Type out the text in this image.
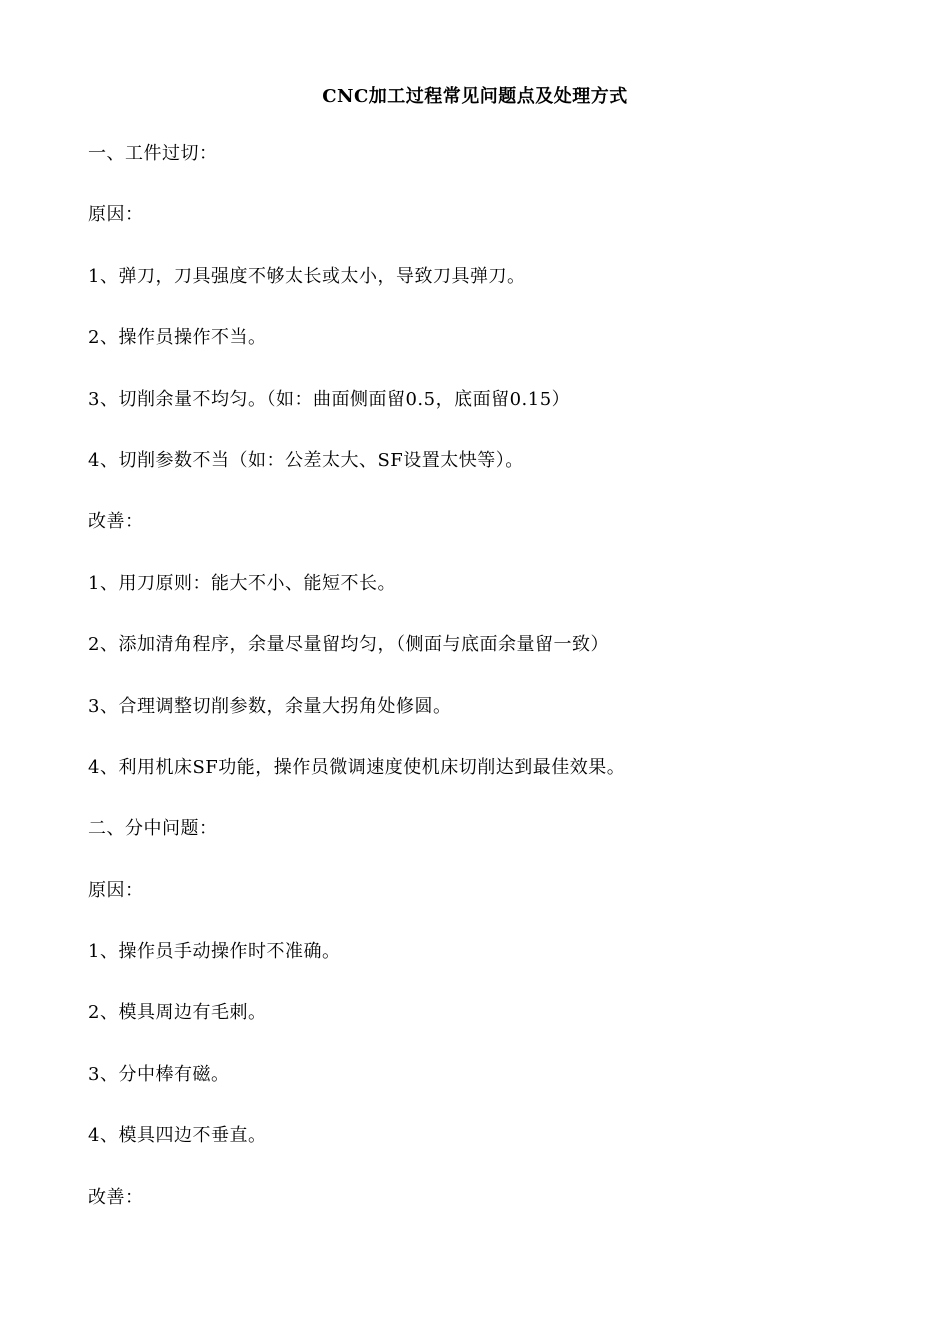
CNC加工过程常见问题点及处理方式
一、工件过切：
原因：
1、弹刀，刀具强度不够太长或太小，导致刀具弹刀。
2、操作员操作不当。
3、切削余量不均匀。（如：曲面侧面留0.5，底面留0.15）
4、切削参数不当（如：公差太大、SF设置太快等）。
改善：
1、用刀原则：能大不小、能短不长。
2、添加清角程序，余量尽量留均匀，（侧面与底面余量留一致）
3、合理调整切削参数，余量大拐角处修圆。
4、利用机床SF功能，操作员微调速度使机床切削达到最佳效果。
二、分中问题：
原因：
1、操作员手动操作时不准确。
2、模具周边有毛刺。
3、分中棒有磁。
4、模具四边不垂直。
改善：
